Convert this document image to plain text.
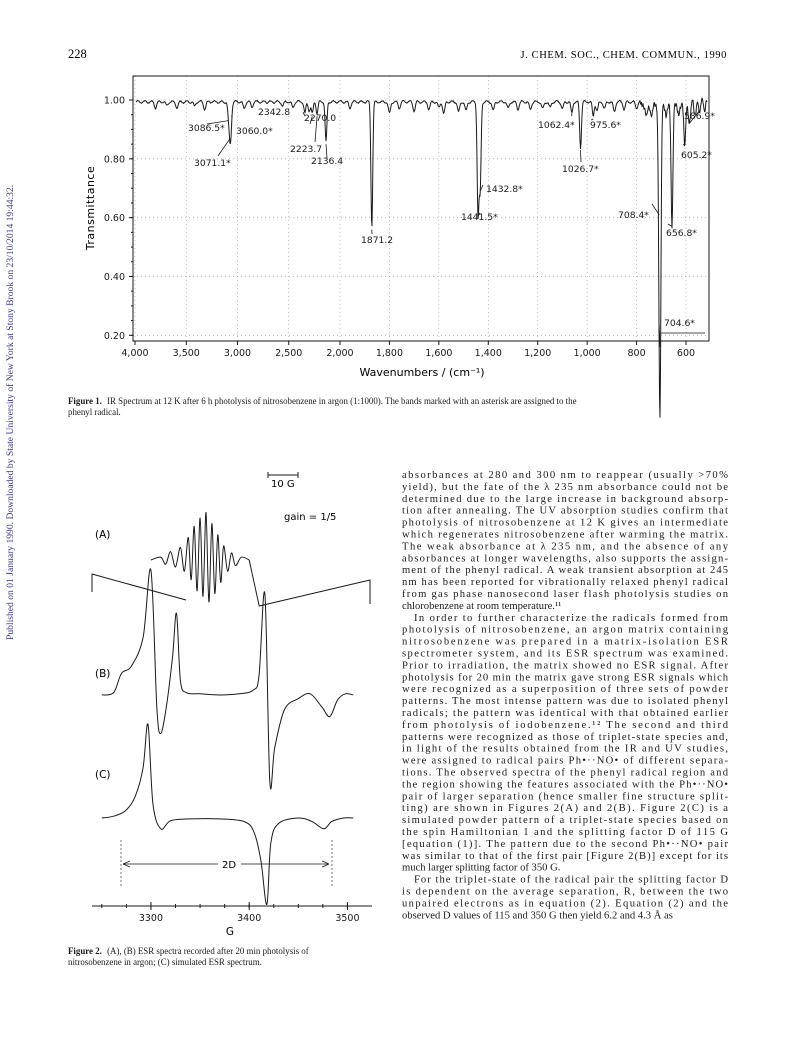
Published on 01 January 1990. Downloaded by State University of New York at Stony Brook on 23/10/2014 19:44:32.
228	J. CHEM. SOC., CHEM. COMMUN., 1990
1.00
0.80
0.60
0.40
0.20
4,000	3,500	3,000	2,500	2,000 1,800 1,600 1,400 1,200 1,000	800	600
Transmittance
Wavenumbers / (cm⁻¹)
3086.5*
3071.1*
3060.0*
2342.8
2270.0
2223.7
2136.4
1871.2
1441.5*
1432.8*
1062.4*
1026.7*
975.6*
708.4*
704.6*
656.8*
605.2*
586.9*
Figure 1. IR Spectrum at 12 K after 6 h photolysis of nitrosobenzene in argon (1:1000). The bands marked with an asterisk are assigned to the
phenyl radical.
10 G
gain = 1/5
(A)
(B)
(C)
2D
3300	3400	3500
G
Figure 2. (A), (B) ESR spectra recorded after 20 min photolysis of
nitrosobenzene in argon; (C) simulated ESR spectrum.
absorbances at 280 and 300 nm to reappear (usually >70%
yield), but the fate of the λ 235 nm absorbance could not be
determined due to the large increase in background absorp-
tion after annealing. The UV absorption studies confirm that
photolysis of nitrosobenzene at 12 K gives an intermediate
which regenerates nitrosobenzene after warming the matrix.
The weak absorbance at λ 235 nm, and the absence of any
absorbances at longer wavelengths, also supports the assign-
ment of the phenyl radical. A weak transient absorption at 245
nm has been reported for vibrationally relaxed phenyl radical
from gas phase nanosecond laser flash photolysis studies on
chlorobenzene at room temperature.¹¹
In order to further characterize the radicals formed from
photolysis of nitrosobenzene, an argon matrix containing
nitrosobenzene was prepared in a matrix-isolation ESR
spectrometer system, and its ESR spectrum was examined.
Prior to irradiation, the matrix showed no ESR signal. After
photolysis for 20 min the matrix gave strong ESR signals which
were recognized as a superposition of three sets of powder
patterns. The most intense pattern was due to isolated phenyl
radicals; the pattern was identical with that obtained earlier
from photolysis of iodobenzene.¹² The second and third
patterns were recognized as those of triplet-state species and,
in light of the results obtained from the IR and UV studies,
were assigned to radical pairs Ph•··NO• of different separa-
tions. The observed spectra of the phenyl radical region and
the region showing the features associated with the Ph•··NO•
pair of larger separation (hence smaller fine structure split-
ting) are shown in Figures 2(A) and 2(B). Figure 2(C) is a
simulated powder pattern of a triplet-state species based on
the spin Hamiltonian 1 and the splitting factor D of 115 G
[equation (1)]. The pattern due to the second Ph•··NO• pair
was similar to that of the first pair [Figure 2(B)] except for its
much larger splitting factor of 350 G.
For the triplet-state of the radical pair the splitting factor D
is dependent on the average separation, R, between the two
unpaired electrons as in equation (2). Equation (2) and the
observed D values of 115 and 350 G then yield 6.2 and 4.3 Å as
